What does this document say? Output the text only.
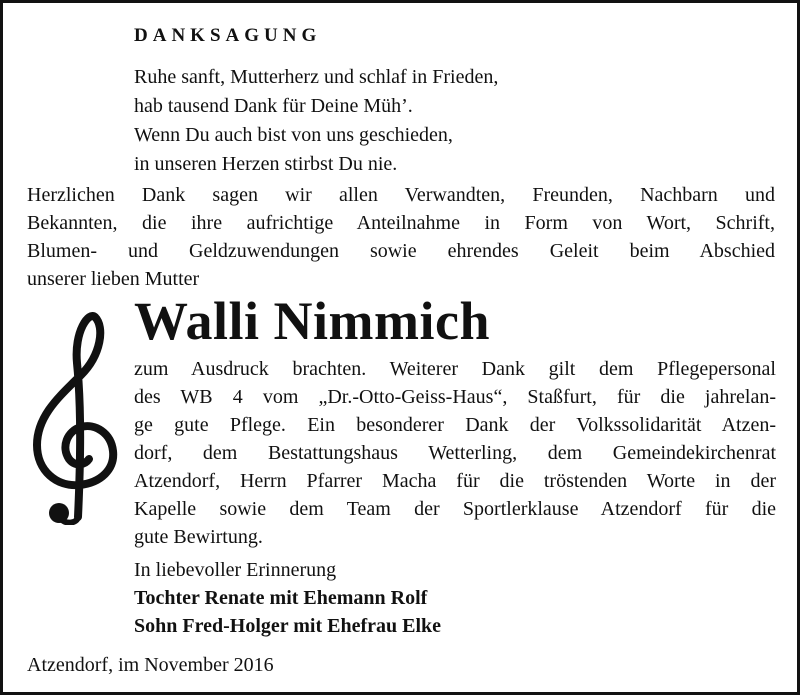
DANKSAGUNG
Ruhe sanft, Mutterherz und schlaf in Frieden,
hab tausend Dank für Deine Müh’.
Wenn Du auch bist von uns geschieden,
in unseren Herzen stirbst Du nie.
Herzlichen Dank sagen wir allen Verwandten, Freunden, Nachbarn und
Bekannten, die ihre aufrichtige Anteilnahme in Form von Wort, Schrift,
Blumen- und Geldzuwendungen sowie ehrendes Geleit beim Abschied
unserer lieben Mutter
Walli Nimmich
zum Ausdruck brachten. Weiterer Dank gilt dem Pflegepersonal
des WB 4 vom „Dr.-Otto-Geiss-Haus“, Staßfurt, für die jahrelan-
ge gute Pflege. Ein besonderer Dank der Volkssolidarität Atzen-
dorf, dem Bestattungshaus Wetterling, dem Gemeindekirchenrat
Atzendorf, Herrn Pfarrer Macha für die tröstenden Worte in der
Kapelle sowie dem Team der Sportlerklause Atzendorf für die
gute Bewirtung.
In liebevoller Erinnerung
Tochter Renate mit Ehemann Rolf
Sohn Fred-Holger mit Ehefrau Elke
Atzendorf, im November 2016
